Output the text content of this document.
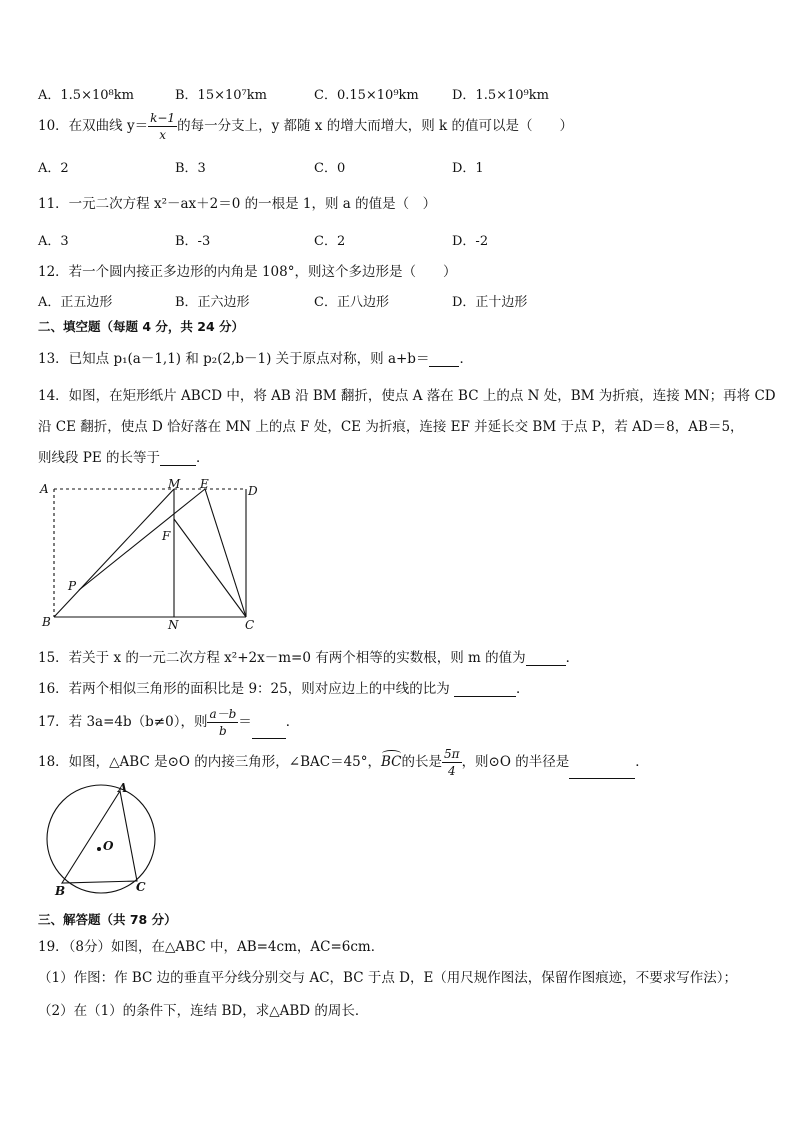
A．1.5×10⁸km	B．15×10⁷km	C．0.15×10⁹km	D．1.5×10⁹km
10．在双曲线 $y= \frac{k-1}{x}$ 的每一分支上，y 都随 x 的增大而增大，则 k 的值可以是（　　）
A．2	B．3	C．0	D．1
11．一元二次方程 x²－ax＋2＝0 的一根是 1，则 a 的值是（　）
A．3	B．-3	C．2	D．-2
12．若一个圆内接正多边形的内角是 108°，则这个多边形是（　　）
A．正五边形	B．正六边形	C．正八边形	D．正十边形
二、填空题（每题 4 分，共 24 分）
13．已知点 p₁(a－1,1) 和 p₂(2,b－1) 关于原点对称，则 a+b＝ ．
14．如图，在矩形纸片 ABCD 中，将 AB 沿 BM 翻折，使点 A 落在 BC 上的点 N 处，BM 为折痕，连接 MN；再将 CD
沿 CE 翻折，使点 D 恰好落在 MN 上的点 F 处，CE 为折痕，连接 EF 并延长交 BM 于点 P，若 AD＝8，AB＝5，
则线段 PE 的长等于	．
A	M E	D
F
P
B	N	C
15．若关于 x 的一元二次方程 x²+2x－m=0 有两个相等的实数根，则 m 的值为	．
16．若两个相似三角形的面积比是 9：25，则对应边上的中线的比为	．
17．若 3a=4b（b≠0），则 $\frac{a-b}{b}$ ＝	．
18．如图，△ABC 是⊙O 的内接三角形，∠BAC＝45°，
BC的长是 $\frac{5\pi}{4}$ ，则⊙O 的半径是	．
A
O
B	C
三、解答题（共 78 分）
19．（8分）如图，在△ABC 中，AB=4cm，AC=6cm．
（1）作图：作 BC 边的垂直平分线分别交与 AC，BC 于点 D，E（用尺规作图法，保留作图痕迹，不要求写作法）；
（2）在（1）的条件下，连结 BD，求△ABD 的周长．
